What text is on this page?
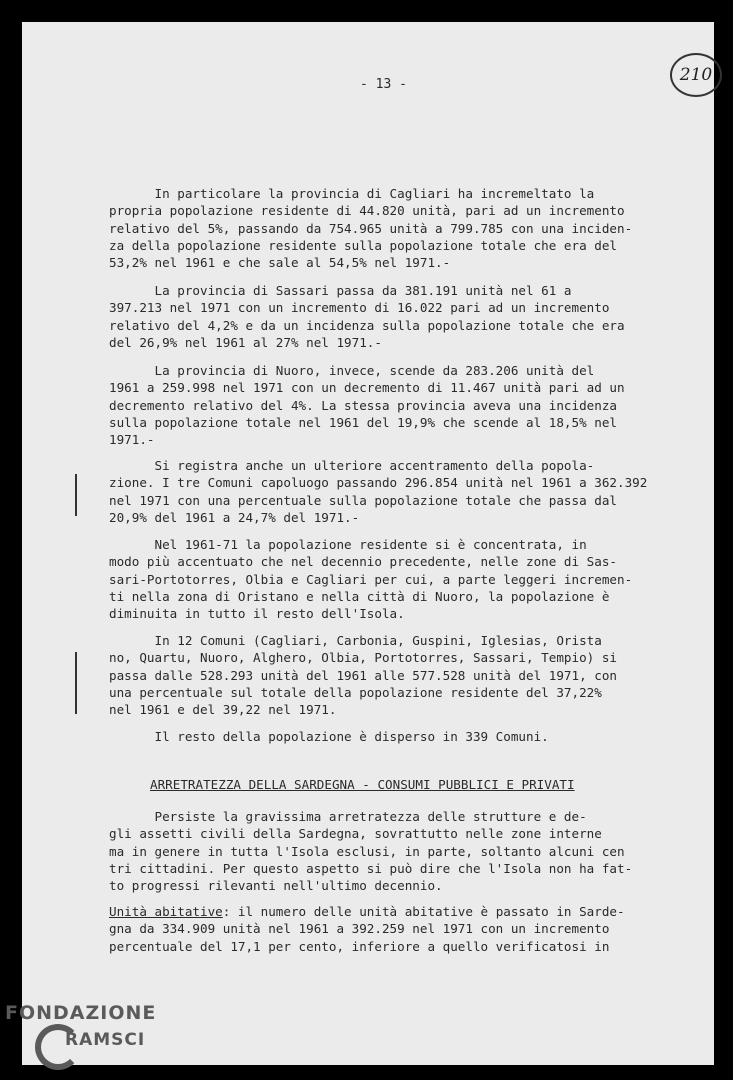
- 13 -	210
In particolare la provincia di Cagliari ha incremeltato la
propria popolazione residente di 44.820 unità, pari ad un incremento
relativo del 5%, passando da 754.965 unità a 799.785 con una inciden-
za della popolazione residente sulla popolazione totale che era del
53,2% nel 1961 e che sale al 54,5% nel 1971.-
La provincia di Sassari passa da 381.191 unità nel 61 a
397.213 nel 1971 con un incremento di 16.022 pari ad un incremento
relativo del 4,2% e da un incidenza sulla popolazione totale che era
del 26,9% nel 1961 al 27% nel 1971.-
La provincia di Nuoro, invece, scende da 283.206 unità del
1961 a 259.998 nel 1971 con un decremento di 11.467 unità pari ad un
decremento relativo del 4%. La stessa provincia aveva una incidenza
sulla popolazione totale nel 1961 del 19,9% che scende al 18,5% nel
1971.-
Si registra anche un ulteriore accentramento della popola-
zione. I tre Comuni capoluogo passando 296.854 unità nel 1961 a 362.392
nel 1971 con una percentuale sulla popolazione totale che passa dal
20,9% del 1961 a 24,7% del 1971.-
Nel 1961-71 la popolazione residente si è concentrata, in
modo più accentuato che nel decennio precedente, nelle zone di Sas-
sari-Portotorres, Olbia e Cagliari per cui, a parte leggeri incremen-
ti nella zona di Oristano e nella città di Nuoro, la popolazione è
diminuita in tutto il resto dell'Isola.
In 12 Comuni (Cagliari, Carbonia, Guspini, Iglesias, Orista
no, Quartu, Nuoro, Alghero, Olbia, Portotorres, Sassari, Tempio) si
passa dalle 528.293 unità del 1961 alle 577.528 unità del 1971, con
una percentuale sul totale della popolazione residente del 37,22%
nel 1961 e del 39,22 nel 1971.
Il resto della popolazione è disperso in 339 Comuni.
ARRETRATEZZA DELLA SARDEGNA - CONSUMI PUBBLICI E PRIVATI
Persiste la gravissima arretratezza delle strutture e de-
gli assetti civili della Sardegna, sovrattutto nelle zone interne
ma in genere in tutta l'Isola esclusi, in parte, soltanto alcuni cen
tri cittadini. Per questo aspetto si può dire che l'Isola non ha fat-
to progressi rilevanti nell'ultimo decennio.
Unità abitative: il numero delle unità abitative è passato in Sarde-
gna da 334.909 unità nel 1961 a 392.259 nel 1971 con un incremento
percentuale del 17,1 per cento, inferiore a quello verificatosi in
FONDAZIONE
RAMSCI
